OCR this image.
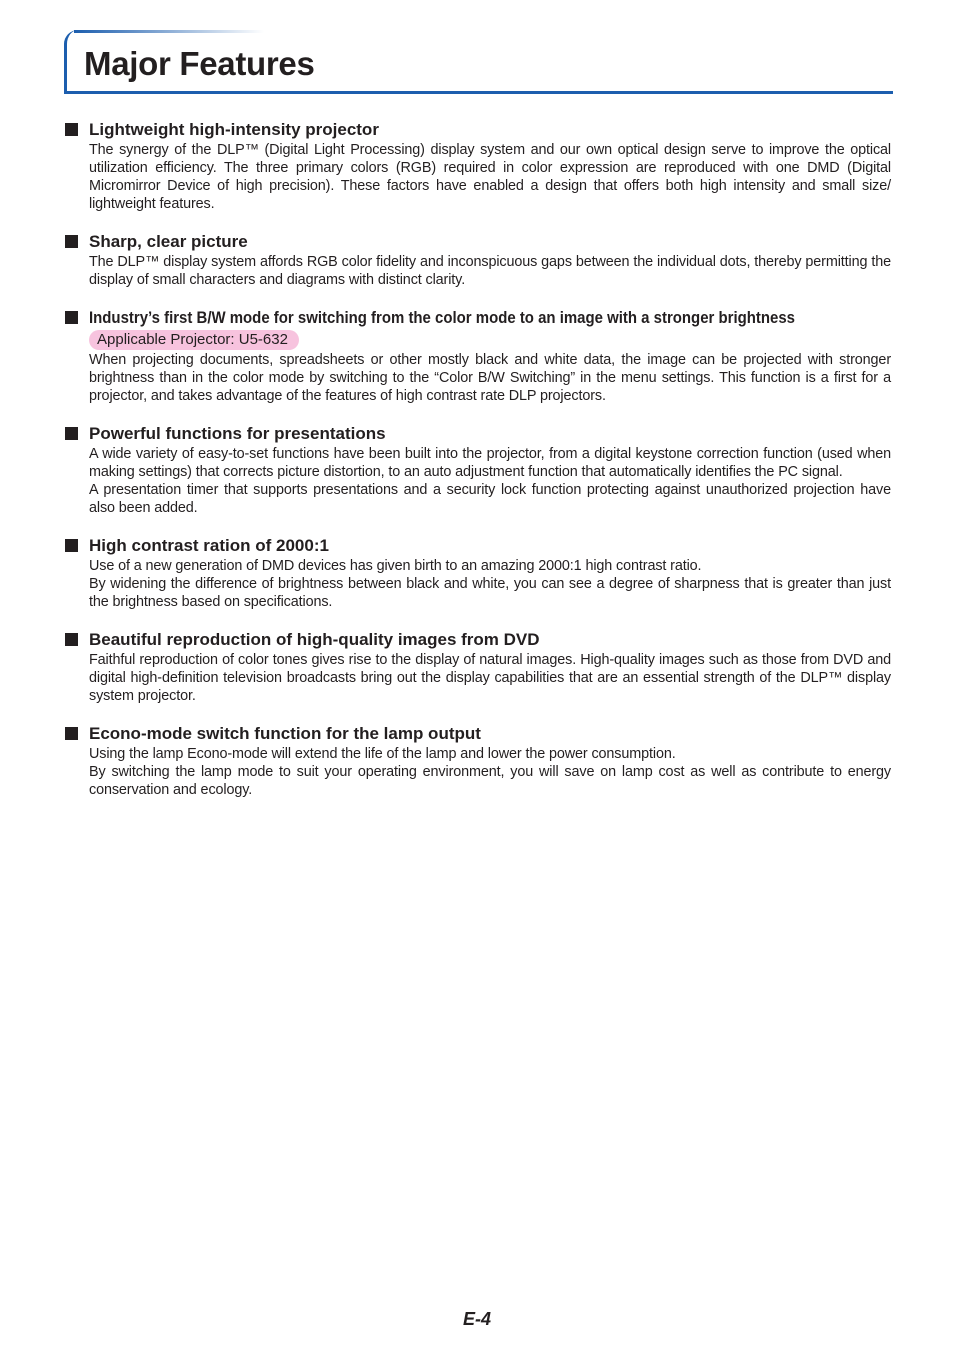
Major Features
Lightweight high-intensity projector

The synergy of the DLP™ (Digital Light Processing) display system and our own optical design serve to improve the optical utilization efficiency. The three primary colors (RGB) required in color expression are reproduced with one DMD (Digital Micromirror Device of high precision). These factors have enabled a design that offers both high intensity and small size/ lightweight features.

Sharp, clear picture

The DLP™ display system affords RGB color fidelity and inconspicuous gaps between the individual dots, thereby permitting the display of small characters and diagrams with distinct clarity.

Industry’s first B/W mode for switching from the color mode to an image with a stronger brightness
Applicable Projector: U5-632

When projecting documents, spreadsheets or other mostly black and white data, the image can be projected with stronger brightness than in the color mode by switching to the “Color B/W Switching” in the menu settings. This function is a first for a projector, and takes advantage of the features of high contrast rate DLP projectors.

Powerful functions for presentations

A wide variety of easy-to-set functions have been built into the projector, from a digital keystone correction function (used when making settings) that corrects picture distortion, to an auto adjustment function that automatically identifies the PC signal.

A presentation timer that supports presentations and a security lock function protecting against unauthorized projection have also been added.

High contrast ration of 2000:1

Use of a new generation of DMD devices has given birth to an amazing 2000:1 high contrast ratio.

By widening the difference of brightness between black and white, you can see a degree of sharpness that is greater than just the brightness based on specifications.

Beautiful reproduction of high-quality images from DVD

Faithful reproduction of color tones gives rise to the display of natural images. High-quality images such as those from DVD and digital high-definition television broadcasts bring out the display capabilities that are an essential strength of the DLP™ display system projector.

Econo-mode switch function for the lamp output

Using the lamp Econo-mode will extend the life of the lamp and lower the power consumption.

By switching the lamp mode to suit your operating environment, you will save on lamp cost as well as contribute to energy conservation and ecology.

E-4
